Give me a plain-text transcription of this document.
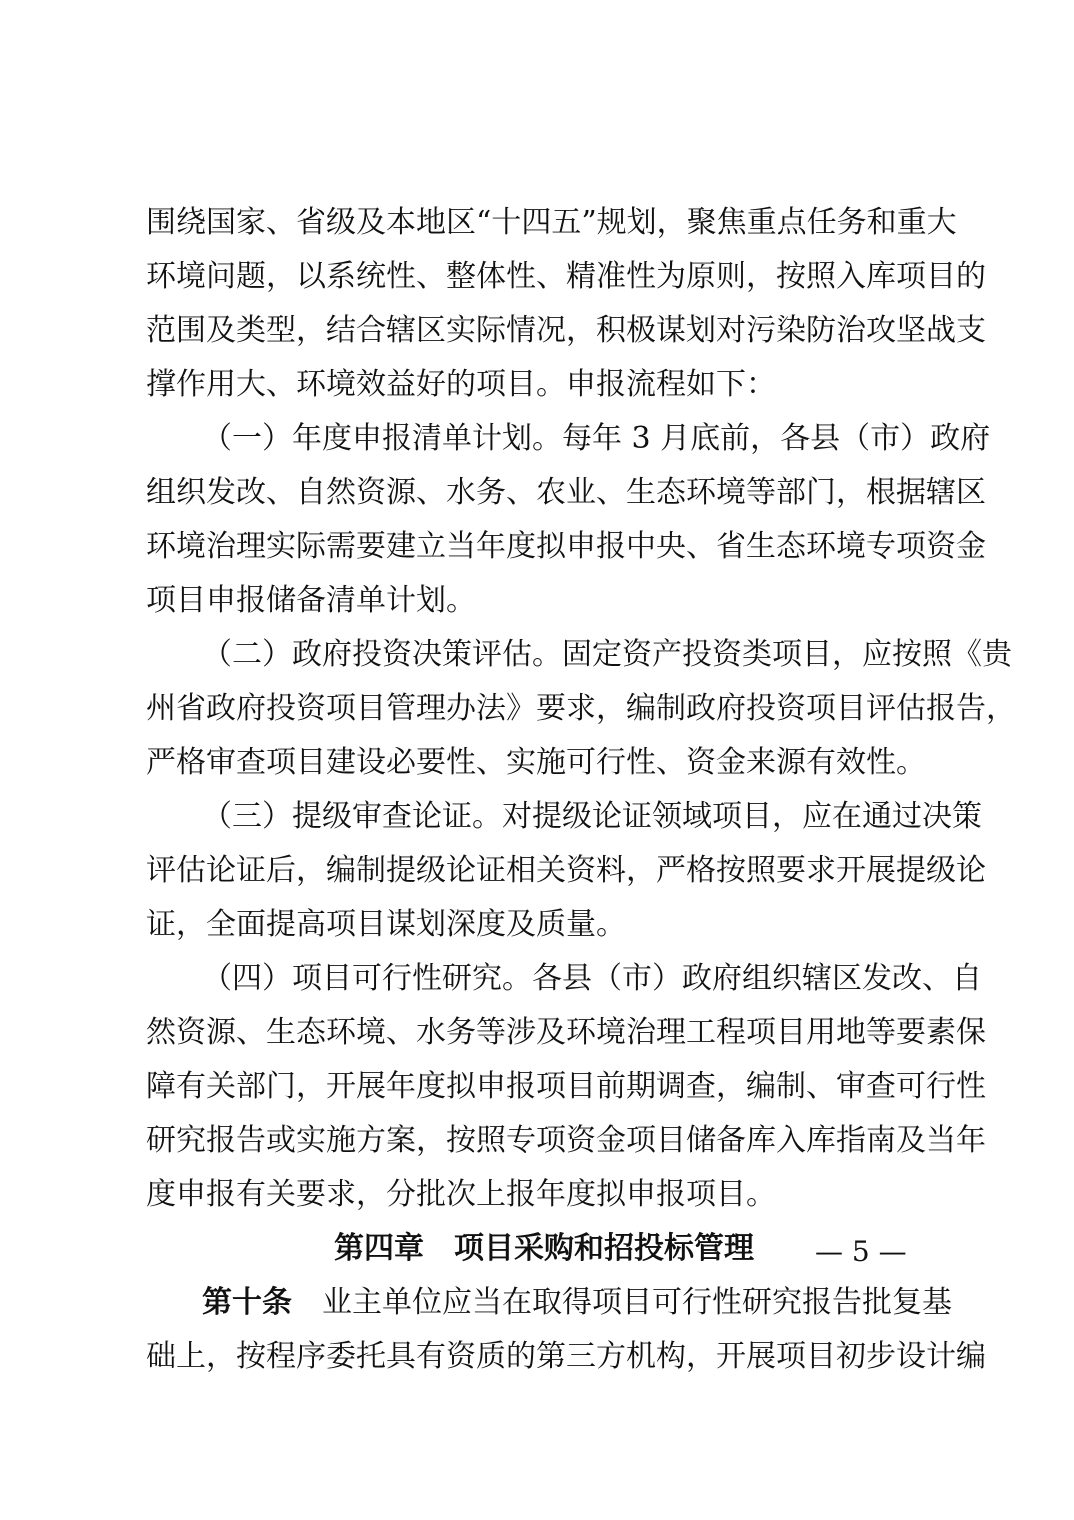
围绕国家、省级及本地区“十四五”规划，聚焦重点任务和重大
环境问题，以系统性、整体性、精准性为原则，按照入库项目的
范围及类型，结合辖区实际情况，积极谋划对污染防治攻坚战支
撑作用大、环境效益好的项目。申报流程如下：
（一）年度申报清单计划。每年 3 月底前，各县（市）政府
组织发改、自然资源、水务、农业、生态环境等部门，根据辖区
环境治理实际需要建立当年度拟申报中央、省生态环境专项资金
项目申报储备清单计划。
（二）政府投资决策评估。固定资产投资类项目，应按照《贵
州省政府投资项目管理办法》要求，编制政府投资项目评估报告，
严格审查项目建设必要性、实施可行性、资金来源有效性。
（三）提级审查论证。对提级论证领域项目，应在通过决策
评估论证后，编制提级论证相关资料，严格按照要求开展提级论
证，全面提高项目谋划深度及质量。
（四）项目可行性研究。各县（市）政府组织辖区发改、自
然资源、生态环境、水务等涉及环境治理工程项目用地等要素保
障有关部门，开展年度拟申报项目前期调查，编制、审查可行性
研究报告或实施方案，按照专项资金项目储备库入库指南及当年
度申报有关要求，分批次上报年度拟申报项目。
第四章　项目采购和招投标管理
第十条　 业主单位应当在取得项目可行性研究报告批复基
础上，按程序委托具有资质的第三方机构，开展项目初步设计编
— 5 —
